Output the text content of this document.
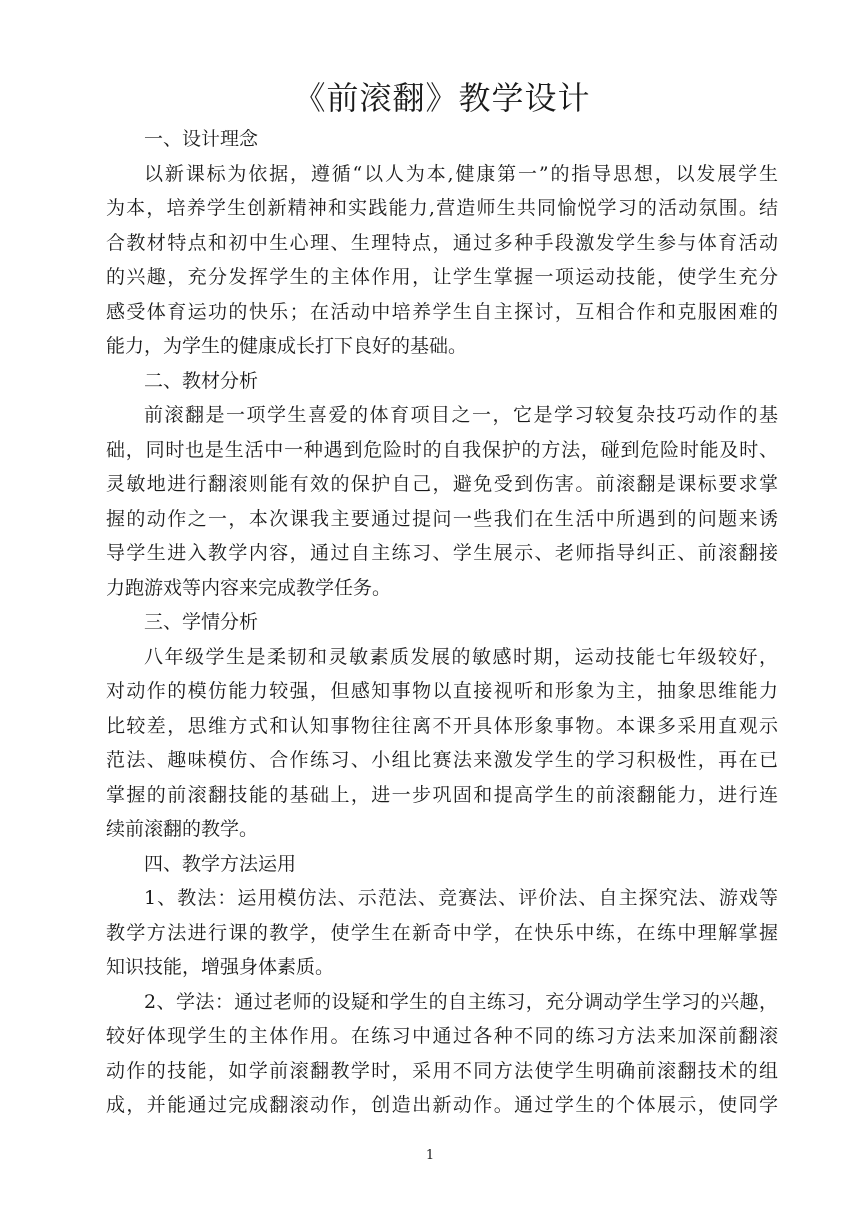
《前滚翻》教学设计

一、设计理念

以新课标为依据，遵循“以人为本,健康第一”的指导思想，以发展学生
为本，培养学生创新精神和实践能力,营造师生共同愉悦学习的活动氛围。结
合教材特点和初中生心理、生理特点，通过多种手段激发学生参与体育活动
的兴趣，充分发挥学生的主体作用，让学生掌握一项运动技能，使学生充分
感受体育运功的快乐；在活动中培养学生自主探讨，互相合作和克服困难的
能力，为学生的健康成长打下良好的基础。

二、教材分析

前滚翻是一项学生喜爱的体育项目之一，它是学习较复杂技巧动作的基
础，同时也是生活中一种遇到危险时的自我保护的方法，碰到危险时能及时、
灵敏地进行翻滚则能有效的保护自己，避免受到伤害。前滚翻是课标要求掌
握的动作之一，本次课我主要通过提问一些我们在生活中所遇到的问题来诱
导学生进入教学内容，通过自主练习、学生展示、老师指导纠正、前滚翻接
力跑游戏等内容来完成教学任务。

三、学情分析

八年级学生是柔韧和灵敏素质发展的敏感时期，运动技能七年级较好，
对动作的模仿能力较强，但感知事物以直接视听和形象为主，抽象思维能力
比较差，思维方式和认知事物往往离不开具体形象事物。本课多采用直观示
范法、趣味模仿、合作练习、小组比赛法来激发学生的学习积极性，再在已
掌握的前滚翻技能的基础上，进一步巩固和提高学生的前滚翻能力，进行连
续前滚翻的教学。

四、教学方法运用

1、教法：运用模仿法、示范法、竞赛法、评价法、自主探究法、游戏等
教学方法进行课的教学，使学生在新奇中学，在快乐中练，在练中理解掌握
知识技能，增强身体素质。
2、学法：通过老师的设疑和学生的自主练习，充分调动学生学习的兴趣，
较好体现学生的主体作用。在练习中通过各种不同的练习方法来加深前翻滚
动作的技能，如学前滚翻教学时，采用不同方法使学生明确前滚翻技术的组
成，并能通过完成翻滚动作，创造出新动作。通过学生的个体展示，使同学
1
